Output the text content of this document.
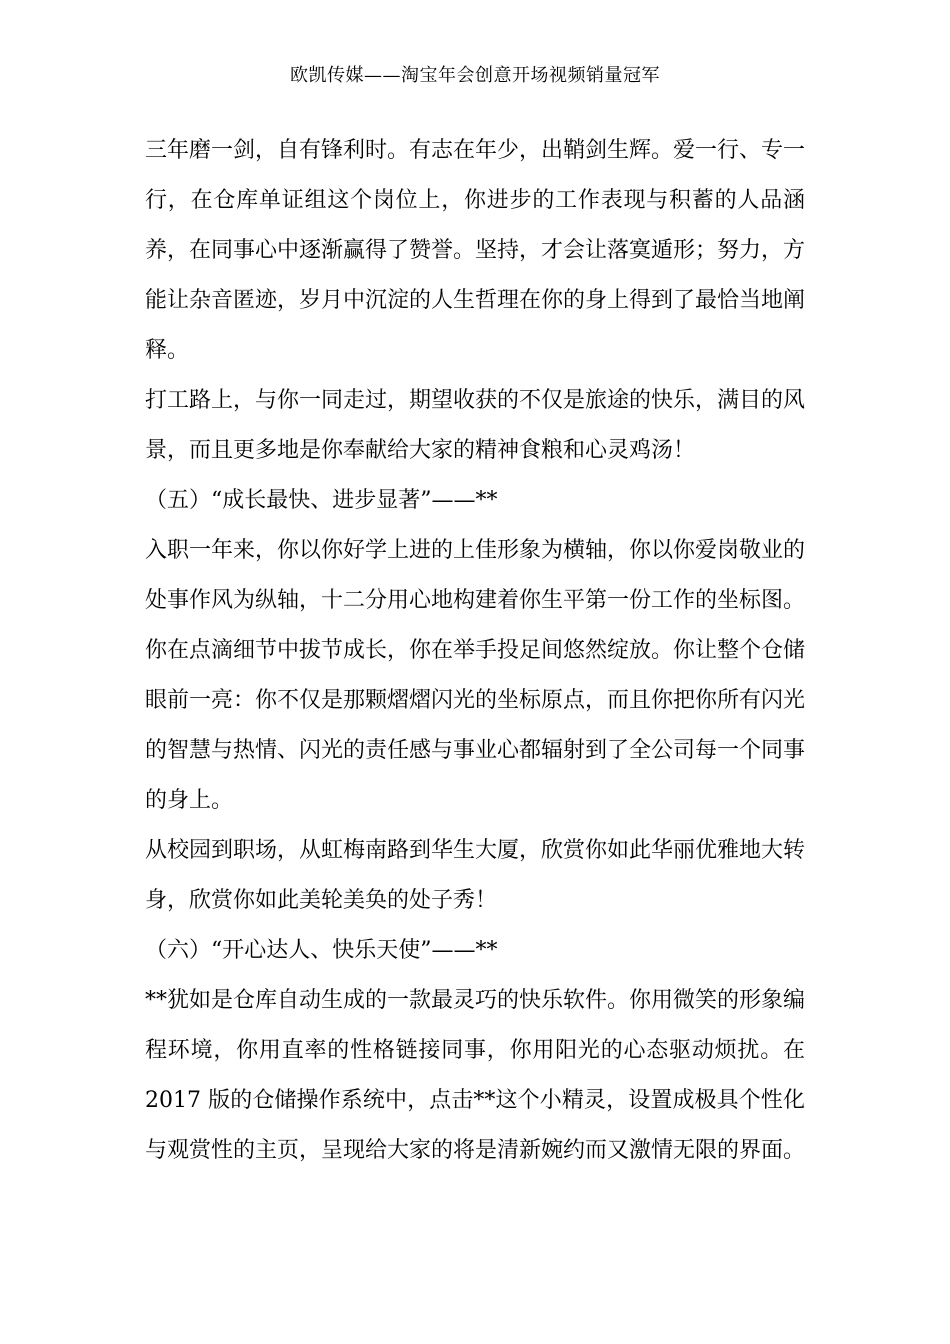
欧凯传媒——淘宝年会创意开场视频销量冠军

三年磨一剑，自有锋利时。有志在年少，出鞘剑生辉。爱一行、专一行，在仓库单证组这个岗位上，你进步的工作表现与积蓄的人品涵养，在同事心中逐渐赢得了赞誉。坚持，才会让落寞遁形；努力，方能让杂音匿迹，岁月中沉淀的人生哲理在你的身上得到了最恰当地阐释。

打工路上，与你一同走过，期望收获的不仅是旅途的快乐，满目的风景，而且更多地是你奉献给大家的精神食粮和心灵鸡汤！

（五）“成长最快、进步显著”——**

入职一年来，你以你好学上进的上佳形象为横轴，你以你爱岗敬业的处事作风为纵轴，十二分用心地构建着你生平第一份工作的坐标图。你在点滴细节中拔节成长，你在举手投足间悠然绽放。你让整个仓储眼前一亮：你不仅是那颗熠熠闪光的坐标原点，而且你把你所有闪光的智慧与热情、闪光的责任感与事业心都辐射到了全公司每一个同事的身上。

从校园到职场，从虹梅南路到华生大厦，欣赏你如此华丽优雅地大转身，欣赏你如此美轮美奂的处子秀！

（六）“开心达人、快乐天使”——**

**犹如是仓库自动生成的一款最灵巧的快乐软件。你用微笑的形象编程环境，你用直率的性格链接同事，你用阳光的心态驱动烦扰。在 2017 版的仓储操作系统中，点击**这个小精灵，设置成极具个性化与观赏性的主页，呈现给大家的将是清新婉约而又激情无限的界面。
